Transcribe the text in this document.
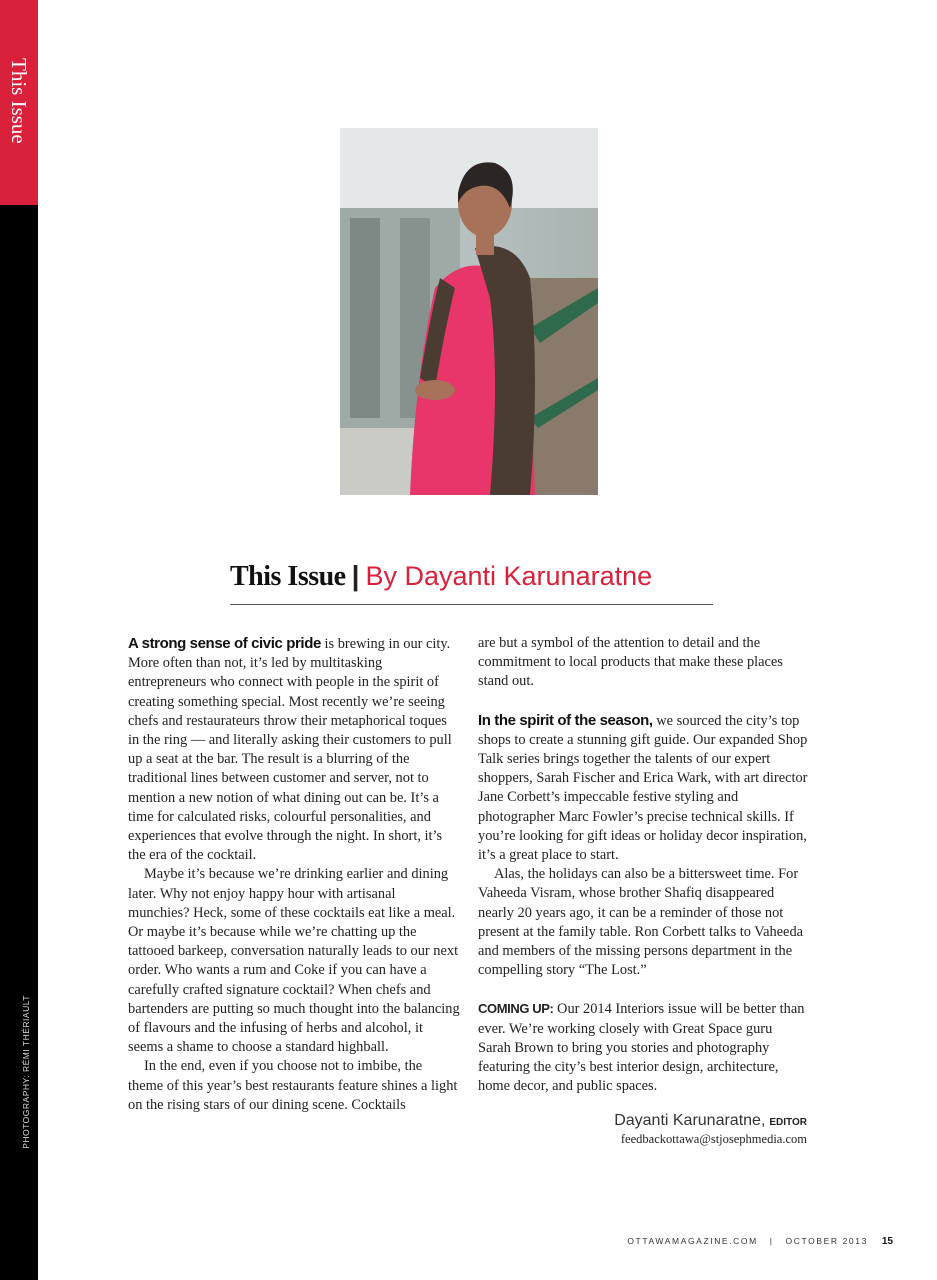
This Issue
PHOTOGRAPHY: RÉMI THÉRIAULT
This Issue | By Dayanti Karunaratne

A strong sense of civic pride is brewing in our city. More often than not, it’s led by multitasking entrepreneurs who connect with people in the spirit of creating something special. Most recently we’re seeing chefs and restaurateurs throw their metaphorical toques in the ring — and literally asking their customers to pull up a seat at the bar. The result is a blurring of the traditional lines between customer and server, not to mention a new notion of what dining out can be. It’s a time for calculated risks, colourful personalities, and experiences that evolve through the night. In short, it’s the era of the cocktail.

Maybe it’s because we’re drinking earlier and dining later. Why not enjoy happy hour with artisanal munchies? Heck, some of these cocktails eat like a meal. Or maybe it’s because while we’re chatting up the tattooed barkeep, conversation naturally leads to our next order. Who wants a rum and Coke if you can have a carefully crafted signature cocktail? When chefs and bartenders are putting so much thought into the balancing of flavours and the infusing of herbs and alcohol, it seems a shame to choose a standard highball.

In the end, even if you choose not to imbibe, the theme of this year’s best restaurants feature shines a light on the rising stars of our dining scene. Cocktails

are but a symbol of the attention to detail and the commitment to local products that make these places stand out.

In the spirit of the season, we sourced the city’s top shops to create a stunning gift guide. Our expanded Shop Talk series brings together the talents of our expert shoppers, Sarah Fischer and Erica Wark, with art director Jane Corbett’s impeccable festive styling and photographer Marc Fowler’s precise technical skills. If you’re looking for gift ideas or holiday decor inspiration, it’s a great place to start.

Alas, the holidays can also be a bittersweet time. For Vaheeda Visram, whose brother Shafiq disappeared nearly 20 years ago, it can be a reminder of those not present at the family table. Ron Corbett talks to Vaheeda and members of the missing persons department in the compelling story “The Lost.”

COMING UP: Our 2014 Interiors issue will be better than ever. We’re working closely with Great Space guru Sarah Brown to bring you stories and photography featuring the city’s best interior design, architecture, home decor, and public spaces.

Dayanti Karunaratne, EDITOR
feedbackottawa@stjosephmedia.com
OTTAWAMAGAZINE.COM | OCTOBER 2013 15
